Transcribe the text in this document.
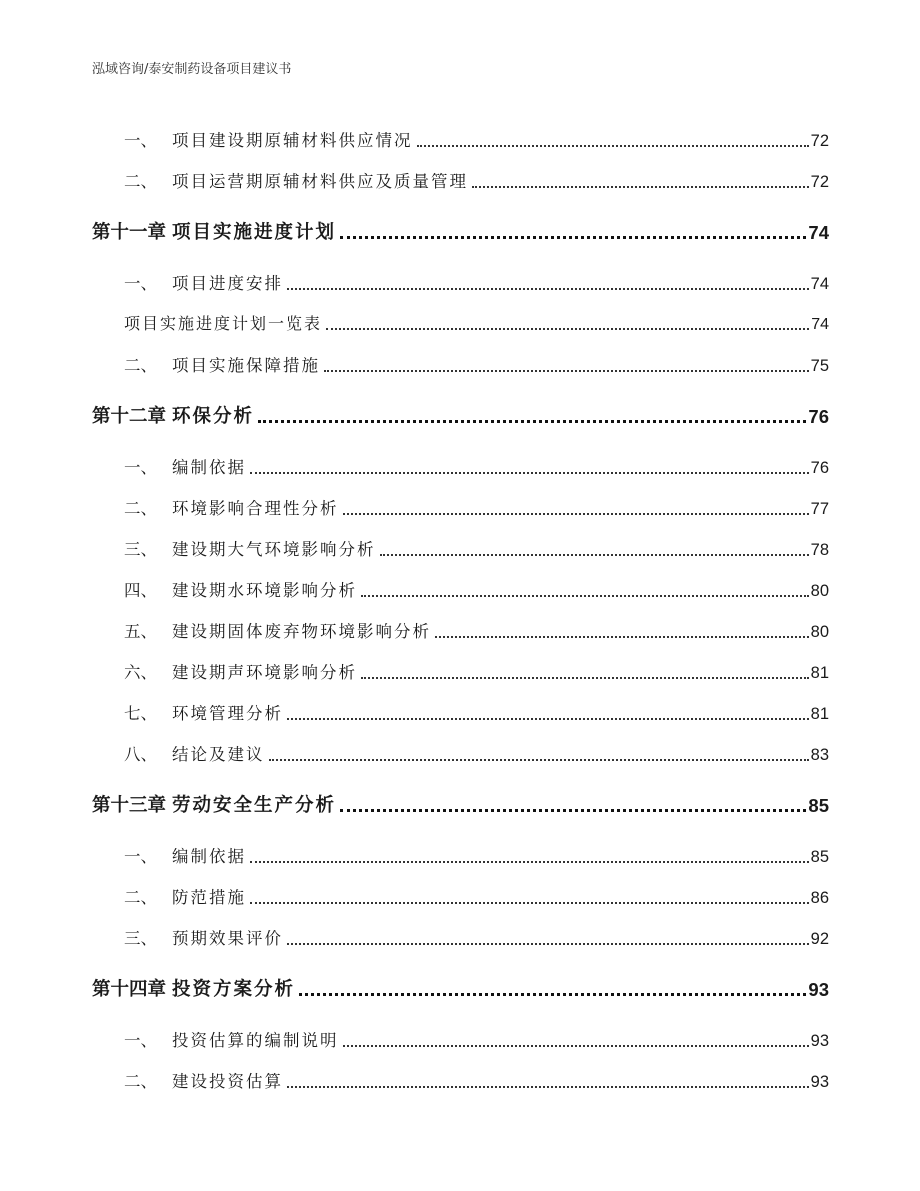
泓域咨询/泰安制药设备项目建议书
一、 项目建设期原辅材料供应情况	72
二、 项目运营期原辅材料供应及质量管理	72
第十一章 项目实施进度计划	74
一、 项目进度安排	74
项目实施进度计划一览表	74
二、 项目实施保障措施	75
第十二章 环保分析	76
一、 编制依据	76
二、 环境影响合理性分析	77
三、 建设期大气环境影响分析	78
四、 建设期水环境影响分析	80
五、 建设期固体废弃物环境影响分析	80
六、 建设期声环境影响分析	81
七、 环境管理分析	81
八、 结论及建议	83
第十三章 劳动安全生产分析	85
一、 编制依据	85
二、 防范措施	86
三、 预期效果评价	92
第十四章 投资方案分析	93
一、 投资估算的编制说明	93
二、 建设投资估算	93
